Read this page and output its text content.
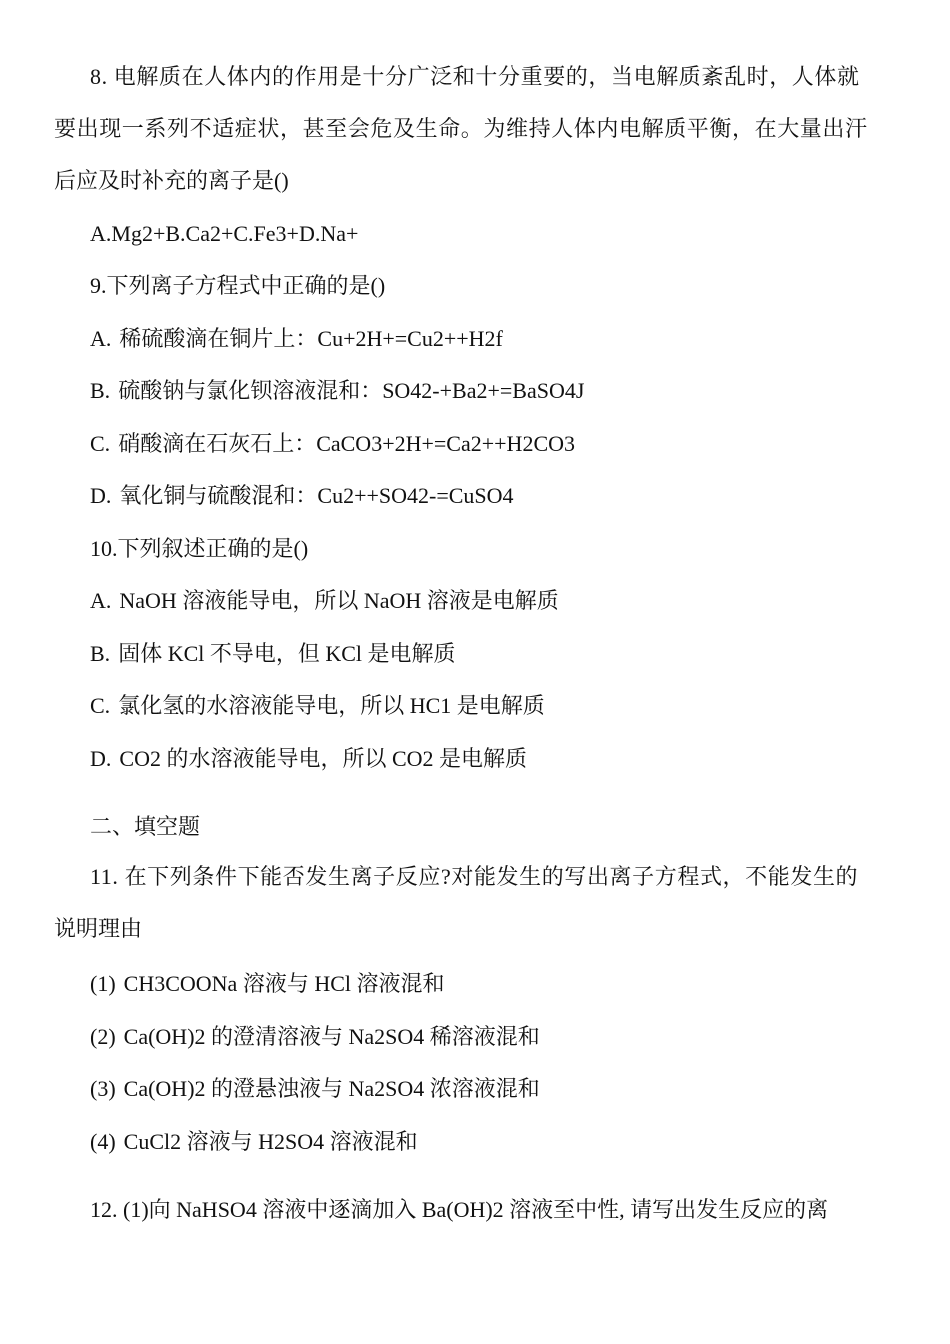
8. 电解质在人体内的作用是十分广泛和十分重要的，当电解质紊乱时，人体就
要出现一系列不适症状，甚至会危及生命。为维持人体内电解质平衡，在大量出汗
后应及时补充的离子是()
A.Mg2+B.Ca2+C.Fe3+D.Na+
9.下列离子方程式中正确的是()
A. 稀硫酸滴在铜片上：Cu+2H+=Cu2++H2f
B. 硫酸钠与氯化钡溶液混和：SO42-+Ba2+=BaSO4J
C. 硝酸滴在石灰石上：CaCO3+2H+=Ca2++H2CO3
D. 氧化铜与硫酸混和：Cu2++SO42-=CuSO4
10.下列叙述正确的是()
A. NaOH 溶液能导电，所以 NaOH 溶液是电解质
B. 固体 KCl 不导电，但 KCl 是电解质
C. 氯化氢的水溶液能导电，所以 HC1 是电解质
D. CO2 的水溶液能导电，所以 CO2 是电解质
二、填空题
11. 在下列条件下能否发生离子反应?对能发生的写出离子方程式，不能发生的
说明理由
(1) CH3COONa 溶液与 HCl 溶液混和
(2) Ca(OH)2 的澄清溶液与 Na2SO4 稀溶液混和
(3) Ca(OH)2 的澄悬浊液与 Na2SO4 浓溶液混和
(4) CuCl2 溶液与 H2SO4 溶液混和
12. (1)向 NaHSO4 溶液中逐滴加入 Ba(OH)2 溶液至中性, 请写出发生反应的离
